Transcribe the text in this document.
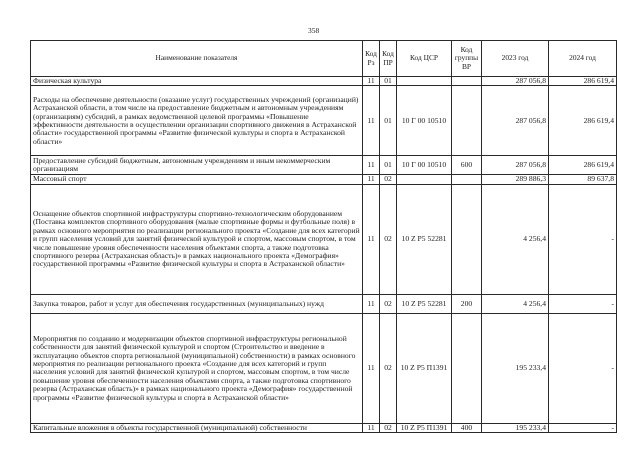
358
Наименование показателя	Код Рз	Код ПР	Код ЦСР	Код группы ВР	2023 год	2024 год
Физическая культура	11	01			287 056,8	286 619,4
Расходы на обеспечение деятельности (оказание услуг) государственных учреждений (организаций) Астраханской области, в том числе на предоставление бюджетным и автономным учреждениям (организациям) субсидий, в рамках ведомственной целевой программы «Повышение эффективности деятельности в осуществлении организации спортивного движения в Астраханской области» государственной программы «Развитие физической культуры и спорта в Астраханской области»	11	01	10 Г 00 10510		287 056,8	286 619,4
Предоставление субсидий бюджетным, автономным учреждениям и иным некоммерческим организациям	11	01	10 Г 00 10510	600	287 056,8	286 619,4
Массовый спорт	11	02			289 886,3	89 637,8
Оснащение объектов спортивной инфраструктуры спортивно-технологическим оборудованием (Поставка комплектов спортивного оборудования (малые спортивные формы и футбольные поля) в рамках основного мероприятия по реализации регионального проекта «Создание для всех категорий и групп населения условий для занятий физической культурой и спортом, массовым спортом, в том числе повышение уровня обеспеченности населения объектами спорта, а также подготовка спортивного резерва (Астраханская область)» в рамках национального проекта «Демография» государственной программы «Развитие физической культуры и спорта в Астраханской области»	11	02	10 Z P5 52281		4 256,4	-
Закупка товаров, работ и услуг для обеспечения государственных (муниципальных) нужд	11	02	10 Z P5 52281	200	4 256,4	-
Мероприятия по созданию и модернизации объектов спортивной инфраструктуры региональной собственности для занятий физической культурой и спортом (Строительство и введение в эксплуатацию объектов спорта региональной (муниципальной) собственности) в рамках основного мероприятия по реализации регионального проекта «Создание для всех категорий и групп населения условий для занятий физической культурой и спортом, массовым спортом, в том числе повышение уровня обеспеченности населения объектами спорта, а также подготовка спортивного резерва (Астраханская область)» в рамках национального проекта «Демография» государственной программы «Развитие физической культуры и спорта в Астраханской области»	11	02	10 Z P5 П1391		195 233,4	-
Капитальные вложения в объекты государственной (муниципальной) собственности	11	02	10 Z P5 П1391	400	195 233,4	-
